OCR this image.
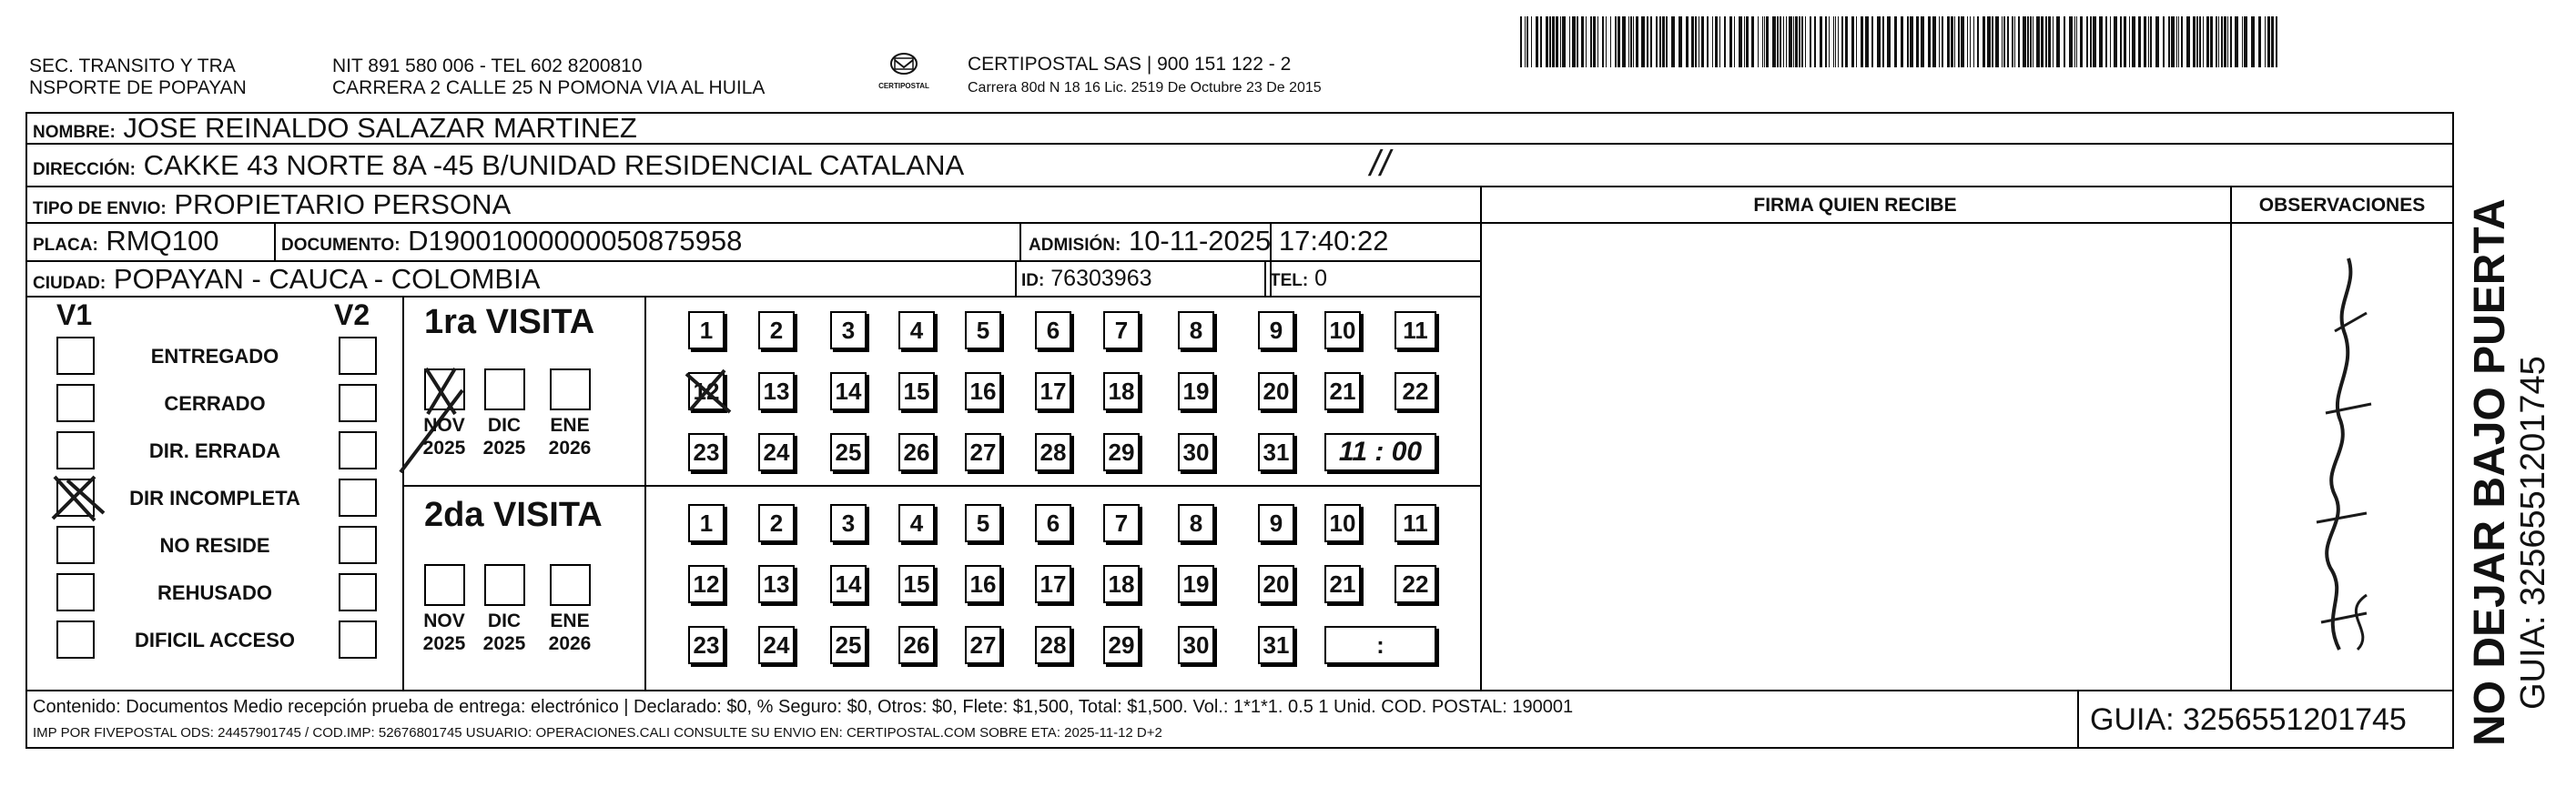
SEC. TRANSITO Y TRA
NSPORTE DE POPAYAN
NIT 891 580 006 - TEL 602 8200810
CARRERA 2 CALLE 25 N POMONA VIA AL HUILA	CERTIPOSTAL
CERTIPOSTAL SAS | 900 151 122 - 2
Carrera 80d N 18 16 Lic. 2519 De Octubre 23 De 2015
NOMBRE: JOSE REINALDO SALAZAR MARTINEZ
DIRECCIÓN: CAKKE 43 NORTE 8A -45 B/UNIDAD RESIDENCIAL CATALANA	//
TIPO DE ENVIO: PROPIETARIO PERSONA	FIRMA QUIEN RECIBE	OBSERVACIONES
PLACA: RMQ100	DOCUMENTO: D19001000000050875958	ADMISIÓN: 10-11-2025 17:40:22
CIUDAD: POPAYAN - CAUCA - COLOMBIA	ID: 76303963	TEL: 0
V1	V2
ENTREGADO
CERRADO
DIR. ERRADA
DIR INCOMPLETA
NO RESIDE
REHUSADO
DIFICIL ACCESO
1ra VISITA
NOV
2025
DIC
2025
ENE
2026
1	2	3	4	5	6	7	8	9	10	11
12 13 14 15 16 17 18 19 20 21	22
23 24 25 26 27 28 29 30 31	11 : 00
2da VISITA
NOV
2025
DIC
2025
ENE
2026
1	2	3	4	5	6	7	8	9	10	11
12 13 14 15 16 17 18 19 20 21	22
23 24 25 26 27 28 29 30 31	:
Contenido: Documentos Medio recepción prueba de entrega: electrónico | Declarado: $0, % Seguro: $0, Otros: $0, Flete: $1,500, Total: $1,500. Vol.: 1*1*1. 0.5 1 Unid. COD. POSTAL: 190001
IMP POR FIVEPOSTAL ODS: 24457901745 / COD.IMP: 52676801745 USUARIO: OPERACIONES.CALI CONSULTE SU ENVIO EN: CERTIPOSTAL.COM SOBRE ETA: 2025-11-12 D+2	GUIA: 3256551201745 NO DEJAR BAJO PUERTA GUIA: 3256551201745
